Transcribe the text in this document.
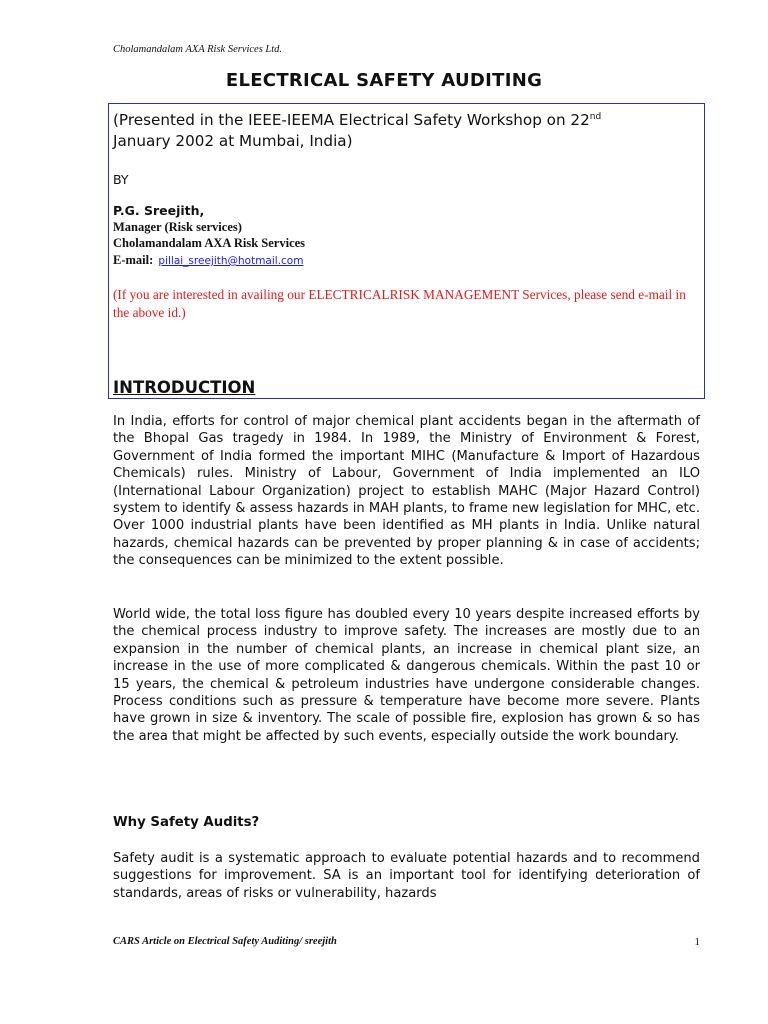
Cholamandalam AXA Risk Services Ltd.
ELECTRICAL SAFETY AUDITING
(Presented in the IEEE-IEEMA Electrical Safety Workshop on 22nd
January 2002 at Mumbai, India)
BY
P.G. Sreejith,
Manager (Risk services)
Cholamandalam AXA Risk Services
E-mail: pillai_sreejith@hotmail.com
(If you are interested in availing our ELECTRICALRISK MANAGEMENT Services, please send e-mail in the above id.)
INTRODUCTION

In India, efforts for control of major chemical plant accidents began in the aftermath of the Bhopal Gas tragedy in 1984. In 1989, the Ministry of Environment & Forest, Government of India formed the important MIHC (Manufacture & Import of Hazardous Chemicals) rules. Ministry of Labour, Government of India implemented an ILO (International Labour Organization) project to establish MAHC (Major Hazard Control) system to identify & assess hazards in MAH plants, to frame new legislation for MHC, etc. Over 1000 industrial plants have been identified as MH plants in India. Unlike natural hazards, chemical hazards can be prevented by proper planning & in case of accidents; the consequences can be minimized to the extent possible.

World wide, the total loss figure has doubled every 10 years despite increased efforts by the chemical process industry to improve safety. The increases are mostly due to an expansion in the number of chemical plants, an increase in chemical plant size, an increase in the use of more complicated & dangerous chemicals. Within the past 10 or 15 years, the chemical & petroleum industries have undergone considerable changes. Process conditions such as pressure & temperature have become more severe. Plants have grown in size & inventory. The scale of possible fire, explosion has grown & so has the area that might be affected by such events, especially outside the work boundary.

Why Safety Audits?

Safety audit is a systematic approach to evaluate potential hazards and to recommend suggestions for improvement. SA is an important tool for identifying deterioration of standards, areas of risks or vulnerability, hazards

CARS Article on Electrical Safety Auditing/ sreejith	1
